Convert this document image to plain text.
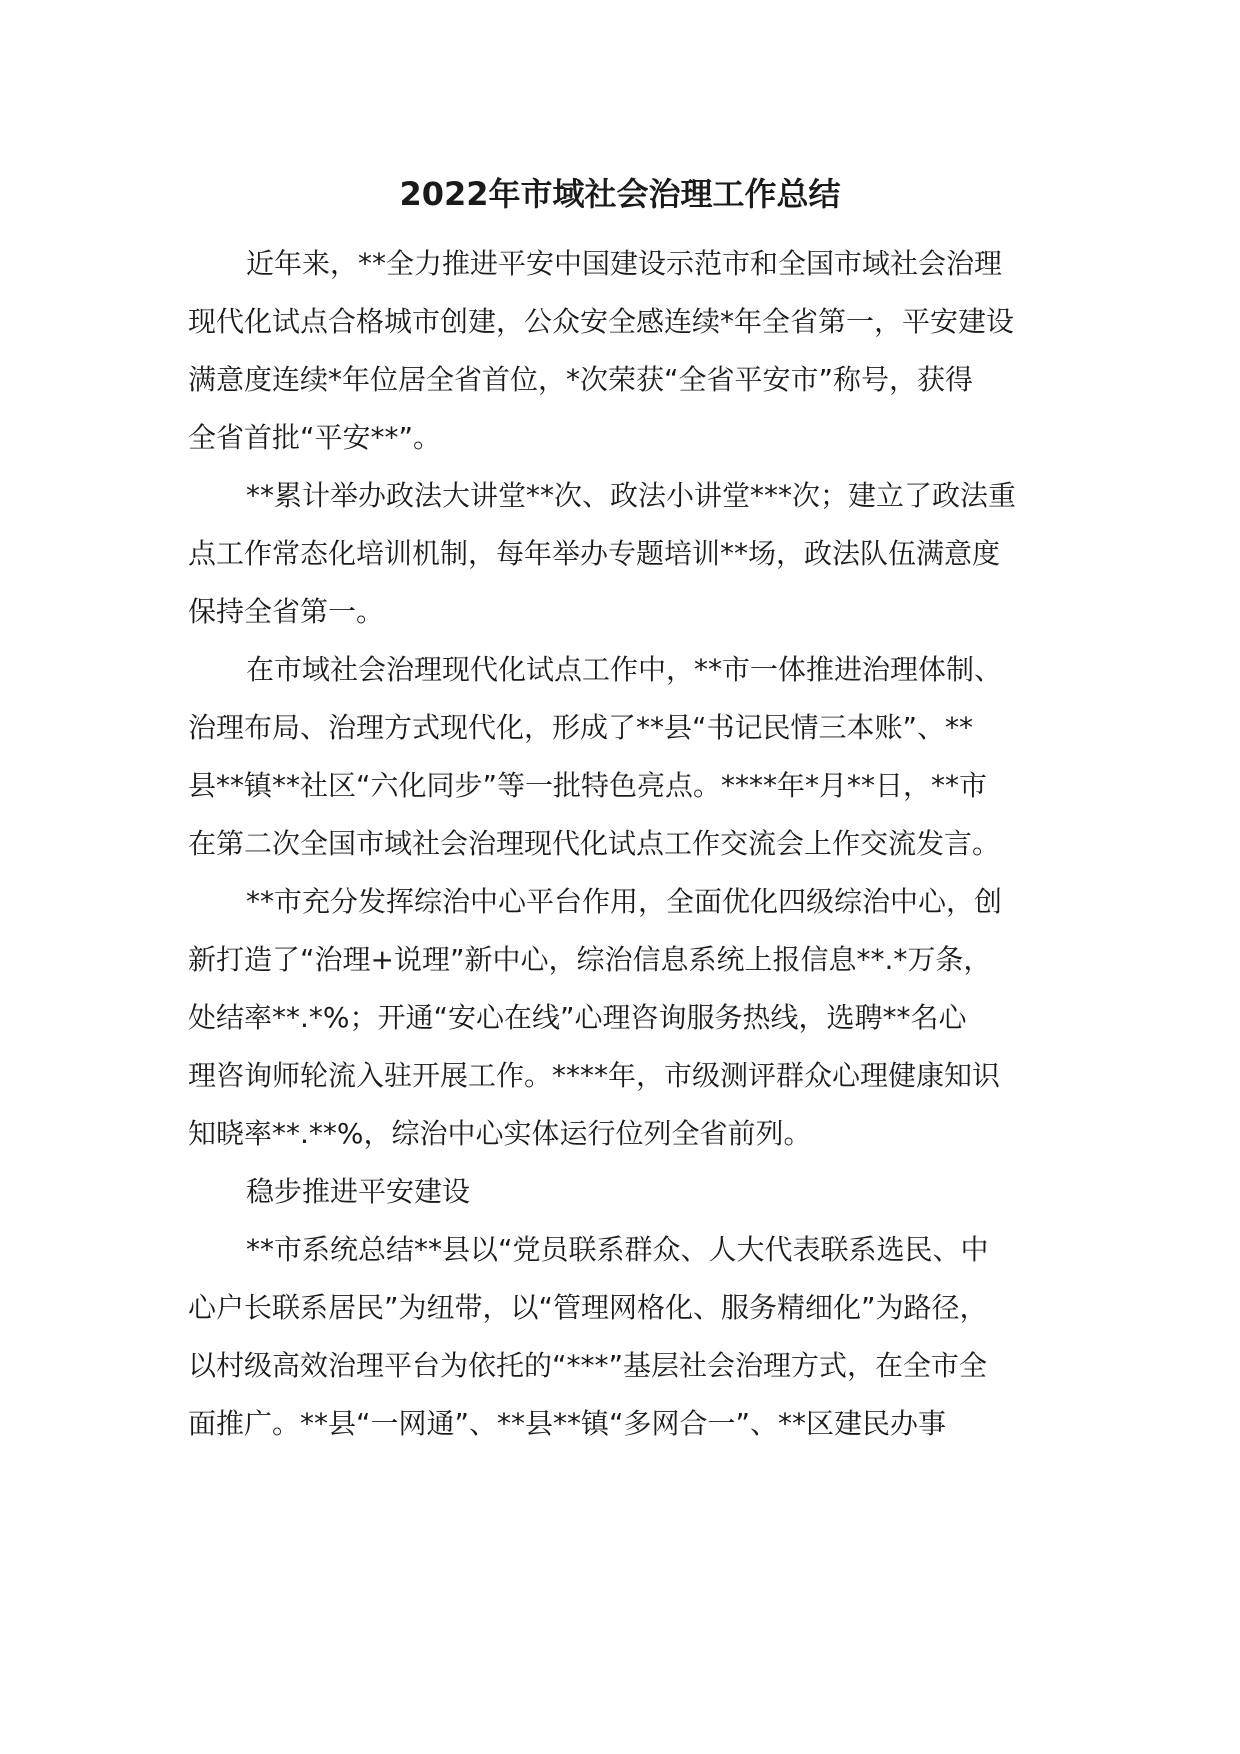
2022年市域社会治理工作总结

近年来，**全力推进平安中国建设示范市和全国市域社会治理

现代化试点合格城市创建，公众安全感连续*年全省第一，平安建设

满意度连续*年位居全省首位，*次荣获“全省平安市”称号，获得

全省首批“平安**”。

**累计举办政法大讲堂**次、政法小讲堂***次；建立了政法重

点工作常态化培训机制，每年举办专题培训**场，政法队伍满意度

保持全省第一。

在市域社会治理现代化试点工作中，**市一体推进治理体制、

治理布局、治理方式现代化，形成了**县“书记民情三本账”、**

县**镇**社区“六化同步”等一批特色亮点。****年*月**日，**市

在第二次全国市域社会治理现代化试点工作交流会上作交流发言。

**市充分发挥综治中心平台作用，全面优化四级综治中心，创

新打造了“治理+说理”新中心，综治信息系统上报信息**.*万条，

处结率**.*%；开通“安心在线”心理咨询服务热线，选聘**名心

理咨询师轮流入驻开展工作。****年，市级测评群众心理健康知识

知晓率**.**%，综治中心实体运行位列全省前列。

稳步推进平安建设

**市系统总结**县以“党员联系群众、人大代表联系选民、中

心户长联系居民”为纽带，以“管理网格化、服务精细化”为路径，

以村级高效治理平台为依托的“***”基层社会治理方式，在全市全

面推广。**县“一网通”、**县**镇“多网合一”、**区建民办事
